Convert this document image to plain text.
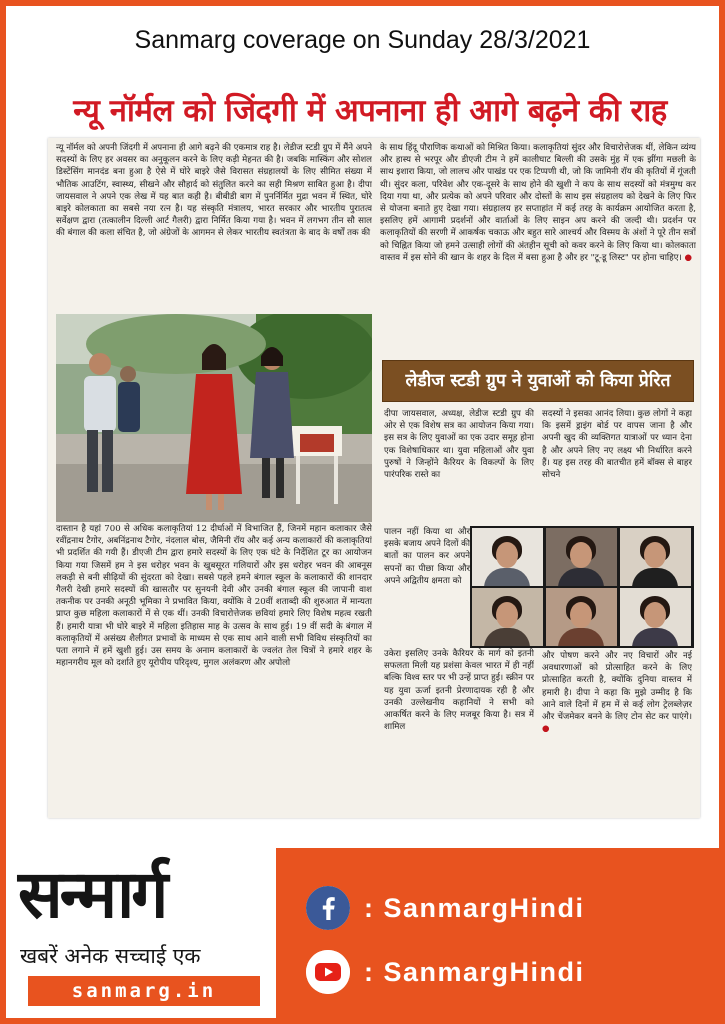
Sanmarg coverage on Sunday 28/3/2021
न्यू नॉर्मल को जिंदगी में अपनाना ही आगे बढ़ने की राह
न्यू नॉर्मल को अपनी जिंदगी में अपनाना ही आगे बढ़ने की एकमात्र राह है। लेडीज स्टडी ग्रुप में मैंने अपने सदस्यों के लिए हर अवसर का अनुकूलन करने के लिए कड़ी मेहनत की है। जबकि मास्किंग और सोशल डिस्टेंसिंग मानदंड बना हुआ है ऐसे में घोरे बाइरे जैसे विरासत संग्रहालयों के लिए सीमित संख्या में भौतिक आउटिंग, स्वास्थ्य, सीखने और सौहार्द को संतुलित करने का सही मिश्रण साबित हुआ है। दीपा जायसवाल ने अपने एक लेख में यह बात कही है। बीबीडी बाग में पुनर्निर्मित मुद्रा भवन में स्थित, घोरे बाइरे कोलकाता का सबसे नया रत्न है। यह संस्कृति मंत्रालय, भारत सरकार और भारतीय पुरातत्व सर्वेक्षण द्वारा (तत्कालीन दिल्ली आर्ट गैलरी) द्वारा निर्मित किया गया है। भवन में लगभग तीन सौ साल की बंगाल की कला संचित है, जो अंग्रेजों के आगमन से लेकर भारतीय स्वतंत्रता के बाद के वर्षों तक की
दास्तान है यहां 700 से अधिक कलाकृतियां 12 दीर्घाओं में विभाजित हैं, जिनमें महान कलाकार जैसे रवींद्रनाथ टैगोर, अबनिंद्रनाथ टैगोर, नंदलाल बोस, जैमिनी रॉय और कई अन्य कलाकारों की कलाकृतियां भी प्रदर्शित की गयी हैं। डीएजी टीम द्वारा हमारे सदस्यों के लिए एक घंटे के निर्देशित टूर का आयोजन किया गया जिसमें हम ने इस धरोहर भवन के खुबसूरत गलियारों और इस धरोहर भवन की आबनूस लकड़ी से बनी सीढ़ियों की सुंदरता को देखा। सबसे पहले हमने बंगाल स्कूल के कलाकारों की शानदार गैलरी देखी हमारे सदस्यों की खासतौर पर सुनयनी देवी और उनकी बंगाल स्कूल की जापानी वाश तकनीक पर उनकी अनूठी भूमिका ने प्रभावित किया, क्योंकि वे 20वीं शताब्दी की शुरुआत में मान्यता प्राप्त कुछ महिला कलाकारों में से एक थीं। उनकी विचारोत्तेजक छवियां हमारे लिए विशेष महत्व रखती हैं। हमारी यात्रा भी घोरे बाइरे में महिला इतिहास माह के उत्सव के साथ हुई। 19 वीं सदी के बंगाल में कलाकृतियों में असंख्य शैलीगत प्रभावों के माध्यम से एक साथ आने वाली सभी विविध संस्कृतियों का पता लगाने में हमें खुशी हुई। उस समय के अनाम कलाकारों के ज्वलंत तेल चित्रों ने हमारे शहर के महानगरीय मूल को दर्शाते हुए यूरोपीय परिदृश्य, मुगल अलंकरण और अपोलो
के साथ हिंदू पौराणिक कथाओं को मिश्रित किया। कलाकृतियां सुंदर और विचारोत्तेजक थीं, लेकिन व्यंग्य और हास्य से भरपूर और डीएजी टीम ने हमें कालीघाट बिल्ली की उसके मुंह में एक झींगा मछली के साथ इशारा किया, जो लालच और पाखंड पर एक टिप्पणी थी, जो कि जामिनी रॉय की कृतियों में गूंजती थी। सुंदर कला, परिवेश और एक-दूसरे के साथ होने की खुशी ने कप के साथ सदस्यों को मंत्रमुग्ध कर दिया गया था, और प्रत्येक को अपने परिवार और दोस्तों के साथ इस संग्रहालय को देखने के लिए फिर से योजना बनाते हुए देखा गया। संग्रहालय हर सप्ताहांत में कई तरह के कार्यक्रम आयोजित करता है, इसलिए हमें आगामी प्रदर्शनों और वार्ताओं के लिए साइन अप करने की जल्दी थी। प्रदर्शन पर कलाकृतियों की सरणी में आकर्षक चकाऊ और बहुत सारे आश्चर्य और विस्मय के अंशों ने पूरे तीन सत्रों को चिह्नित किया जो हमने उत्साही लोगों की अंतहीन सूची को कवर करने के लिए किया था। कोलकाता वास्तव में इस सोने की खान के शहर के दिल में बसा हुआ है और हर "टू-डू लिस्ट" पर होना चाहिए। ●
लेडीज स्टडी ग्रुप ने युवाओं को किया प्रेरित
दीपा जायसवाल, अध्यक्ष, लेडीज स्टडी ग्रुप की ओर से एक विशेष सत्र का आयोजन किया गया। इस सत्र के लिए युवाओं का एक उदार समूह होना एक विशेषाधिकार था। युवा महिलाओं और युवा पुरुषों ने जिन्होंने कैरियर के विकल्पों के लिए पारंपरिक रास्ते का
पालन नहीं किया था और इसके बजाय अपने दिलों की बातों का पालन कर अपने सपनों का पीछा किया और अपने अद्वितीय क्षमता को
उकेरा इसलिए उनके कैरियर के मार्ग को इतनी सफलता मिली यह प्रशंसा केवल भारत में ही नहीं बल्कि विश्व स्तर पर भी उन्हें प्राप्त हुई। स्क्रीन पर यह युवा ऊर्जा इतनी प्रेरणादायक रही है और उनकी उल्लेखनीय कहानियों ने सभी को आकर्षित करने के लिए मजबूर किया है। सत्र में शामिल
सदस्यों ने इसका आनंद लिया। कुछ लोगों ने कहा कि इसमें ड्राइंग बोर्ड पर वापस जाना है और अपनी खुद की व्यक्तिगत यात्राओं पर ध्यान देना है और अपने लिए नए लक्ष्य भी निर्धारित करने हैं। यह इस तरह की बातचीत हमें बॉक्स से बाहर सोचने
और पोषण करने और नए विचारों और नई अवधारणाओं को प्रोत्साहित करने के लिए प्रोत्साहित करती है, क्योंकि दुनिया वास्तव में हमारी है। दीपा ने कहा कि मुझे उम्मीद है कि आने वाले दिनों में हम में से कई लोग ट्रेलब्लेज़र और चेंजमेकर बनने के लिए टोन सेट कर पाएंगे। ●
सन्मार्ग
खबरें अनेक सच्चाई एक
sanmarg.in
: SanmargHindi
: SanmargHindi
